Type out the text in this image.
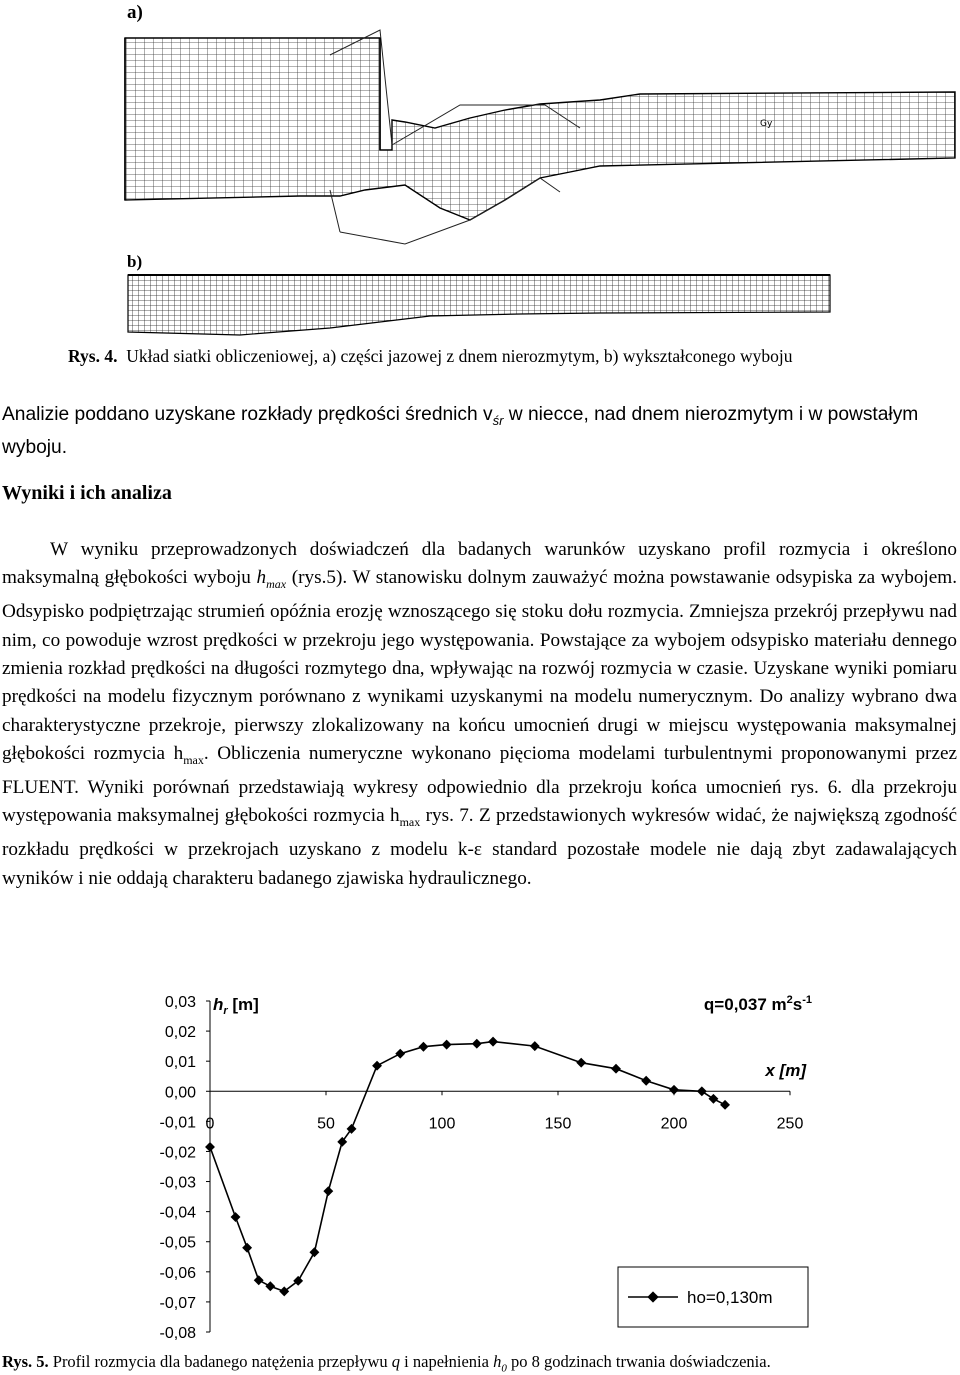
a)
Gy
b)
Rys. 4. Układ siatki obliczeniowej, a) części jazowej z dnem nierozmytym, b) wykształconego wyboju
Analizie poddano uzyskane rozkłady prędkości średnich $v_{śr}$ w niecce, nad dnem nierozmytym i w powstałym wyboju.
Wyniki i ich analiza

W wyniku przeprowadzonych doświadczeń dla badanych warunków uzyskano profil rozmycia i określono maksymalną głębokości wyboju $h_{max}$ (rys.5). W stanowisku dolnym zauważyć można powstawanie odsypiska za wybojem. Odsypisko podpiętrzając strumień opóźnia erozję wznoszącego się stoku dołu rozmycia. Zmniejsza przekrój przepływu nad nim, co powoduje wzrost prędkości w przekroju jego występowania. Powstające za wybojem odsypisko materiału dennego zmienia rozkład prędkości na długości rozmytego dna, wpływając na rozwój rozmycia w czasie. Uzyskane wyniki pomiaru prędkości na modelu fizycznym porównano z wynikami uzyskanymi na modelu numerycznym. Do analizy wybrano dwa charakterystyczne przekroje, pierwszy zlokalizowany na końcu umocnień drugi w miejscu występowania maksymalnej głębokości rozmycia $h_{max}$. Obliczenia numeryczne wykonano pięcioma modelami turbulentnymi proponowanymi przez FLUENT. Wyniki porównań przedstawiają wykresy odpowiednio dla przekroju końca umocnień rys. 6. dla przekroju występowania maksymalnej głębokości rozmycia $h_{max}$ rys. 7. Z przedstawionych wykresów widać, że największą zgodność rozkładu prędkości w przekrojach uzyskano z modelu k-ε standard pozostałe modele nie dają zbyt zadawalających wyników i nie oddają charakteru badanego zjawiska hydraulicznego.

0,03
0,02
0,01
0,00
-0,01
-0,02
-0,03
-0,04
-0,05
-0,06
-0,07
-0,08
0	50	100	150	200	250
$h_r$ [m]	q=0,037 $m^2s^{-1}$
x [m]
ho=0,130m
Rys. 5. Profil rozmycia dla badanego natężenia przepływu q i napełnienia $h_0$ po 8 godzinach trwania doświadczenia.
